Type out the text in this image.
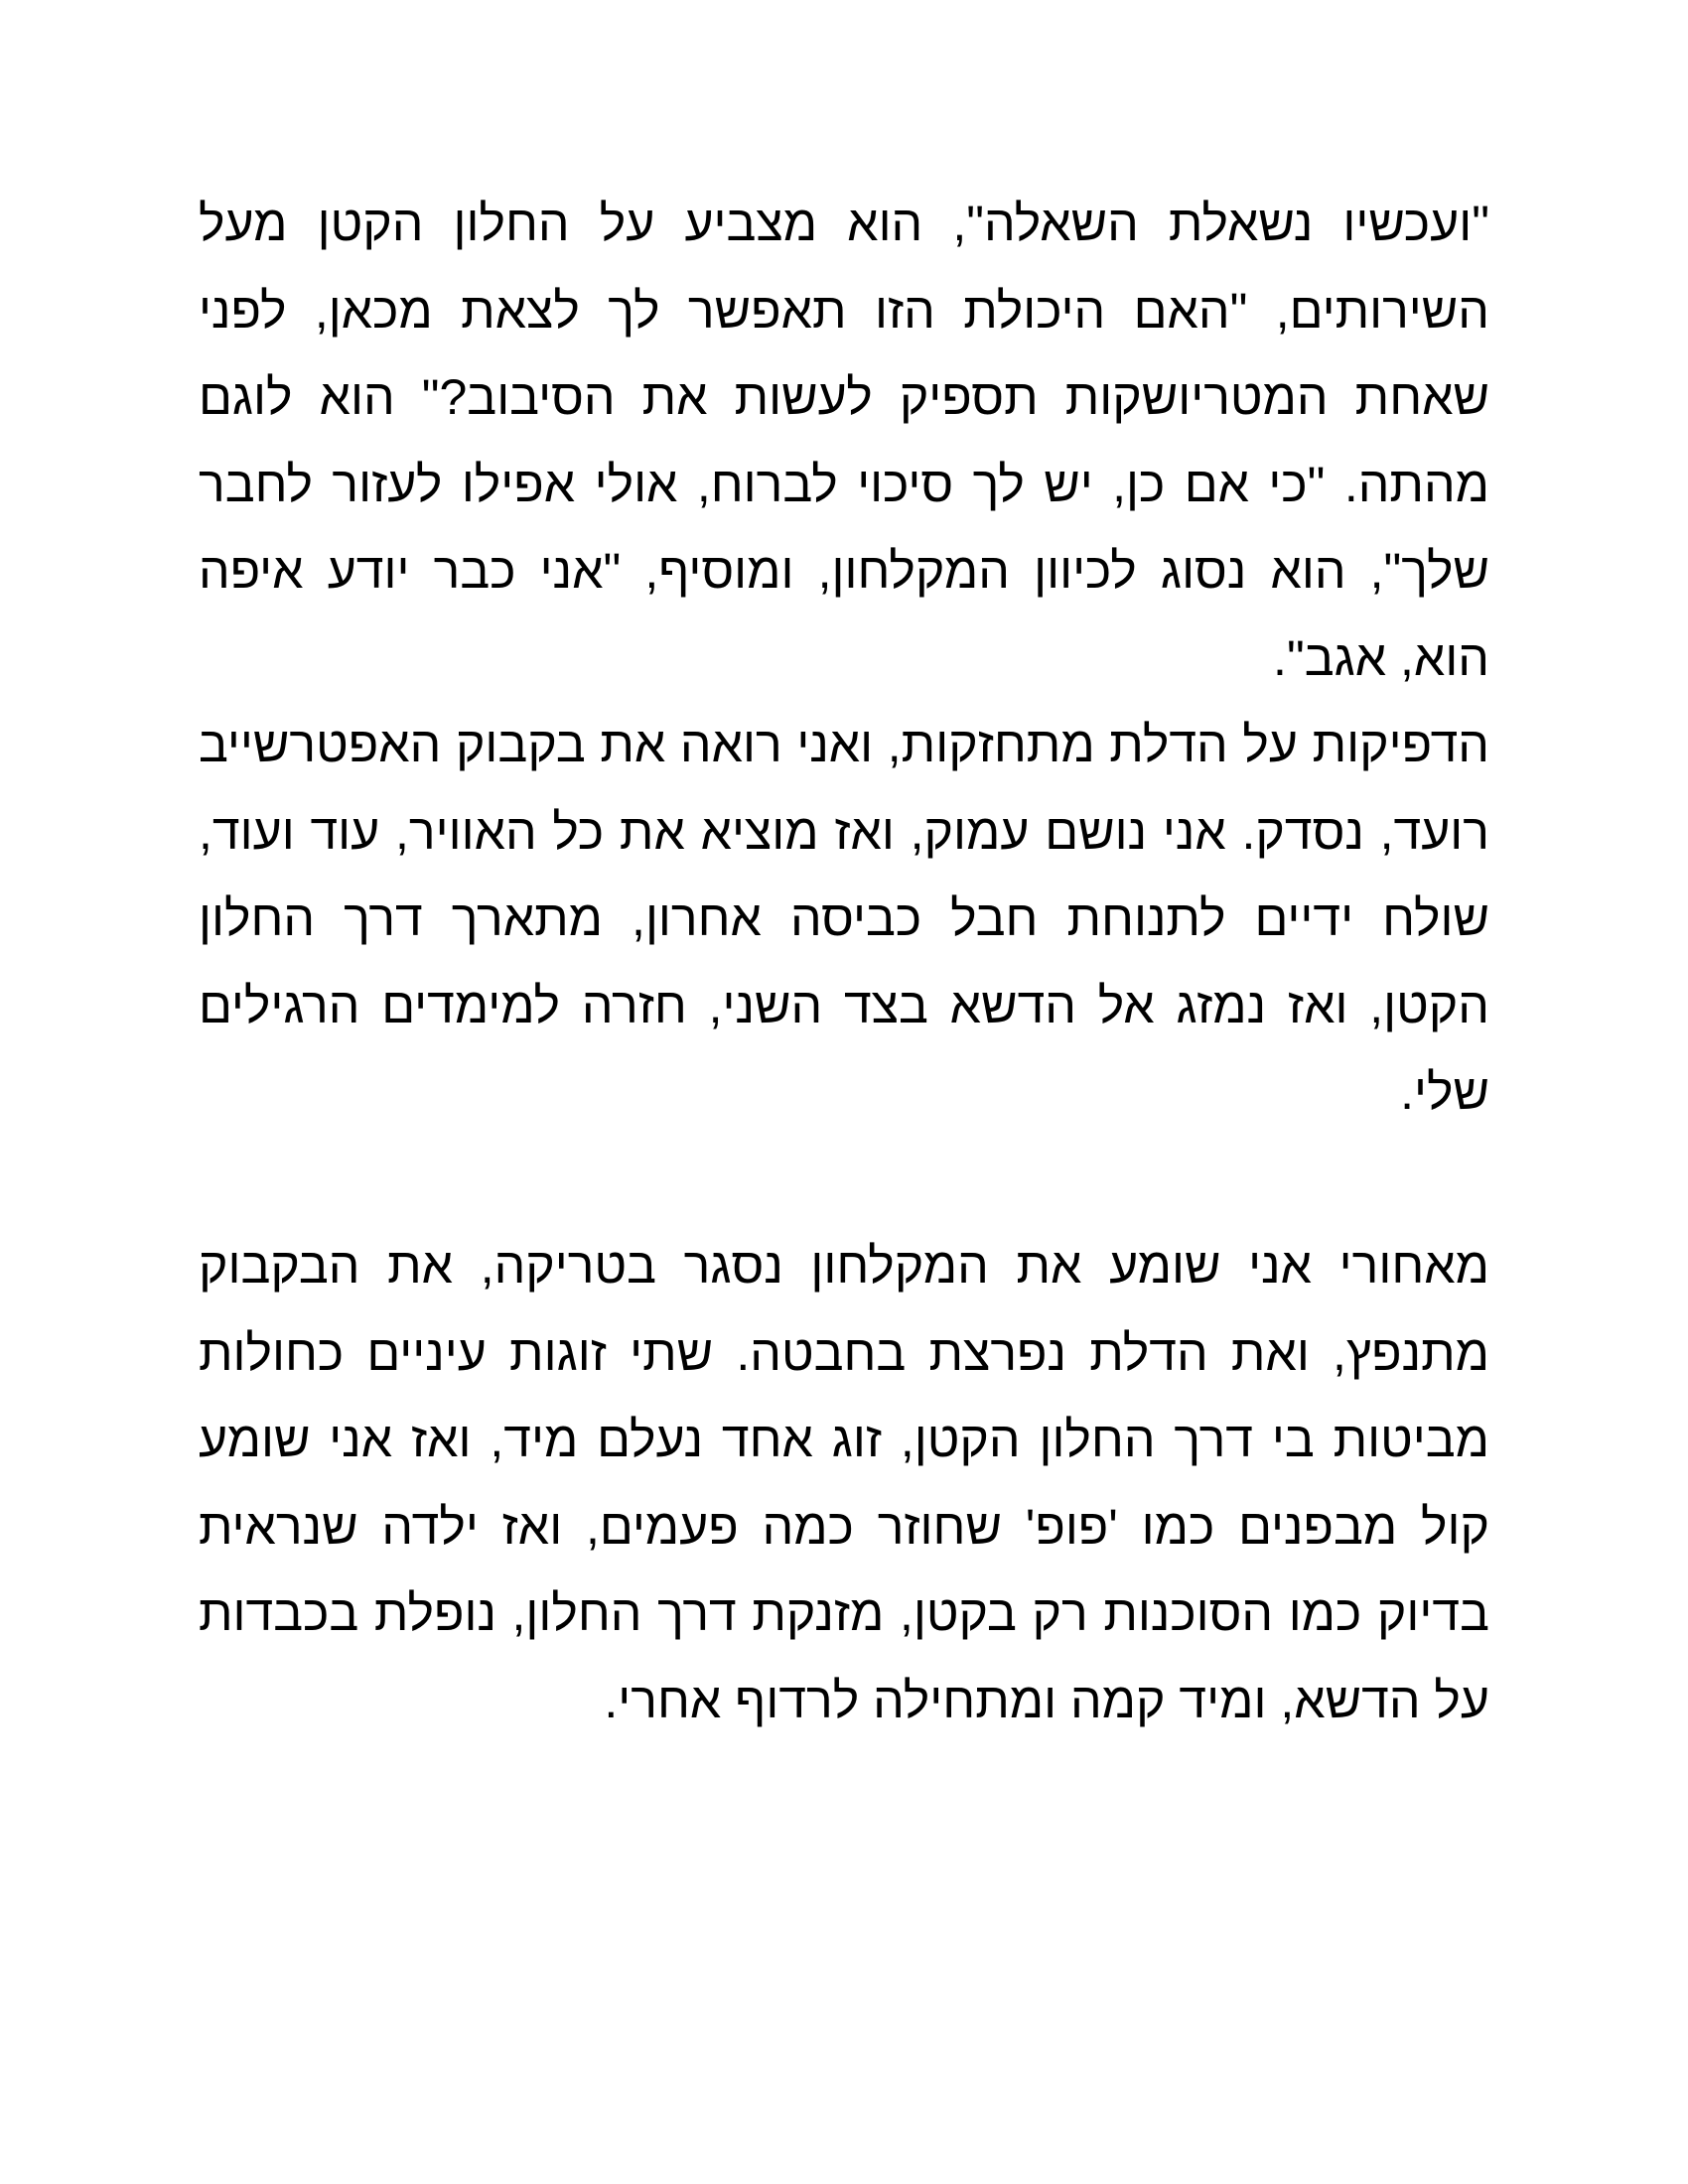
"ועכשיו נשאלת השאלה", הוא מצביע על החלון הקטן מעל השירותים, "האם היכולת הזו תאפשר לך לצאת מכאן, לפני שאחת המטריושקות תספיק לעשות את הסיבוב?" הוא לוגם מהתה. "כי אם כן, יש לך סיכוי לברוח, אולי אפילו לעזור לחבר שלך", הוא נסוג לכיוון המקלחון, ומוסיף, "אני כבר יודע איפה הוא, אגב".

הדפיקות על הדלת מתחזקות, ואני רואה את בקבוק האפטרשייב רועד, נסדק. אני נושם עמוק, ואז מוציא את כל האוויר, עוד ועוד, שולח ידיים לתנוחת חבל כביסה אחרון, מתארך דרך החלון הקטן, ואז נמזג אל הדשא בצד השני, חזרה למימדים הרגילים שלי.

מאחורי אני שומע את המקלחון נסגר בטריקה, את הבקבוק מתנפץ, ואת הדלת נפרצת בחבטה. שתי זוגות עיניים כחולות מביטות בי דרך החלון הקטן, זוג אחד נעלם מיד, ואז אני שומע קול מבפנים כמו 'פופ' שחוזר כמה פעמים, ואז ילדה שנראית בדיוק כמו הסוכנות רק בקטן, מזנקת דרך החלון, נופלת בכבדות על הדשא, ומיד קמה ומתחילה לרדוף אחרי.
